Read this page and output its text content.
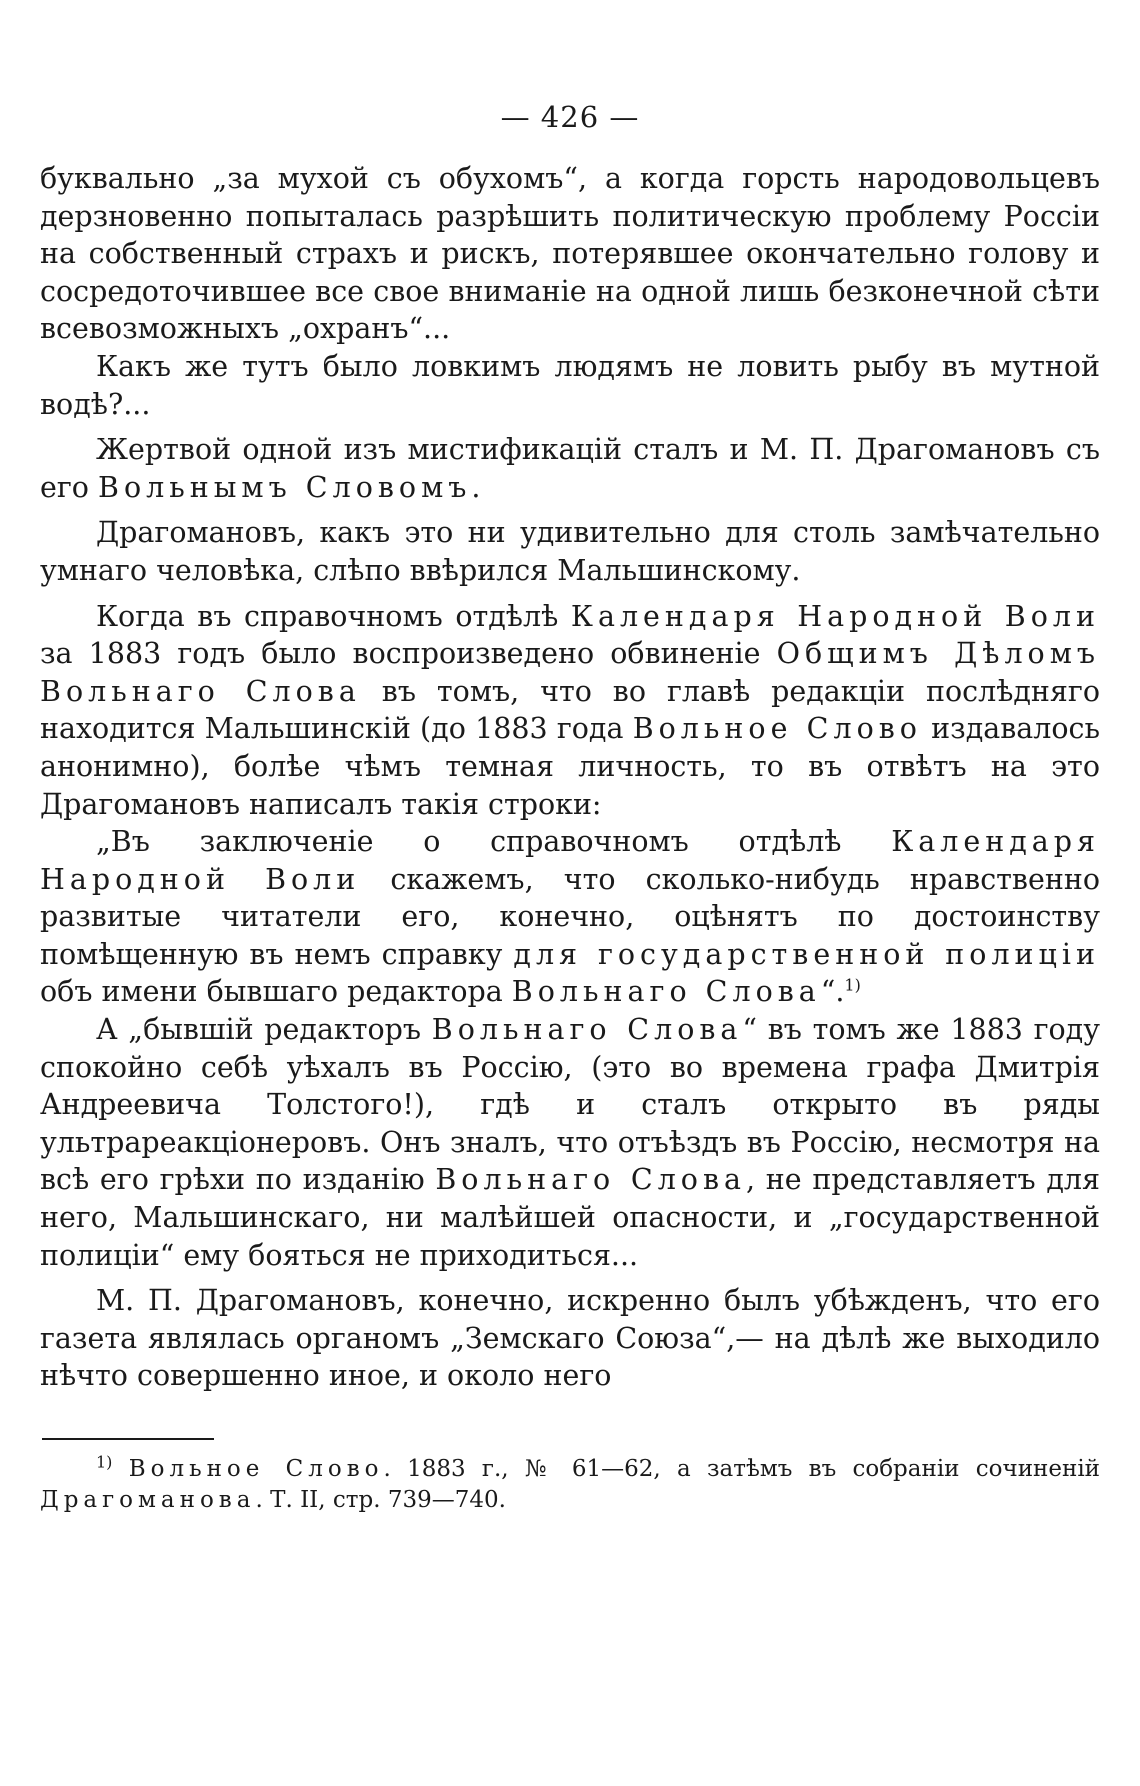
— 426 —

буквально „за мухой съ обухомъ“, а когда горсть народовольцевъ дерзновенно попыталась разрѣшить политическую проблему Россіи на собственный страхъ и рискъ, потерявшее окончательно голову и сосредоточившее все свое вниманіе на одной лишь безконечной сѣти всевозможныхъ „охранъ“...

Какъ же тутъ было ловкимъ людямъ не ловить рыбу въ мутной водѣ?...

Жертвой одной изъ мистификацій сталъ и М. П. Драгомановъ съ его Вольнымъ Словомъ.

Драгомановъ, какъ это ни удивительно для столь замѣчательно умнаго человѣка, слѣпо ввѣрился Мальшинскому.

Когда въ справочномъ отдѣлѣ Календаря Народной Воли за 1883 годъ было воспроизведено обвиненіе Общимъ Дѣломъ Вольнаго Слова въ томъ, что во главѣ редакціи послѣдняго находится Мальшинскій (до 1883 года Вольное Слово издавалось анонимно), болѣе чѣмъ темная личность, то въ отвѣтъ на это Драгомановъ написалъ такія строки:

„Въ заключеніе о справочномъ отдѣлѣ Календаря Народной Воли скажемъ, что сколько-нибудь нравственно развитые читатели его, конечно, оцѣнятъ по достоинству помѣщенную въ немъ справку для государственной полиціи объ имени бывшаго редактора Вольнаго Слова“.$^{1)}$

А „бывшій редакторъ Вольнаго Слова“ въ томъ же 1883 году спокойно себѣ уѣхалъ въ Россію, (это во времена графа Дмитрія Андреевича Толстого!), гдѣ и сталъ открыто въ ряды ультрареакціонеровъ. Онъ зналъ, что отъѣздъ въ Россію, несмотря на всѣ его грѣхи по изданію Вольнаго Слова, не представляетъ для него, Мальшинскаго, ни малѣйшей опасности, и „государственной полиціи“ ему бояться не приходиться...

М. П. Драгомановъ, конечно, искренно былъ убѣжденъ, что его газета являлась органомъ „Земскаго Союза“,— на дѣлѣ же выходило нѣчто совершенно иное, и около него

$^{1)}$ Вольное Слово. 1883 г., № 61—62, а затѣмъ въ собраніи сочиненій Драгоманова. Т. II, стр. 739—740.
